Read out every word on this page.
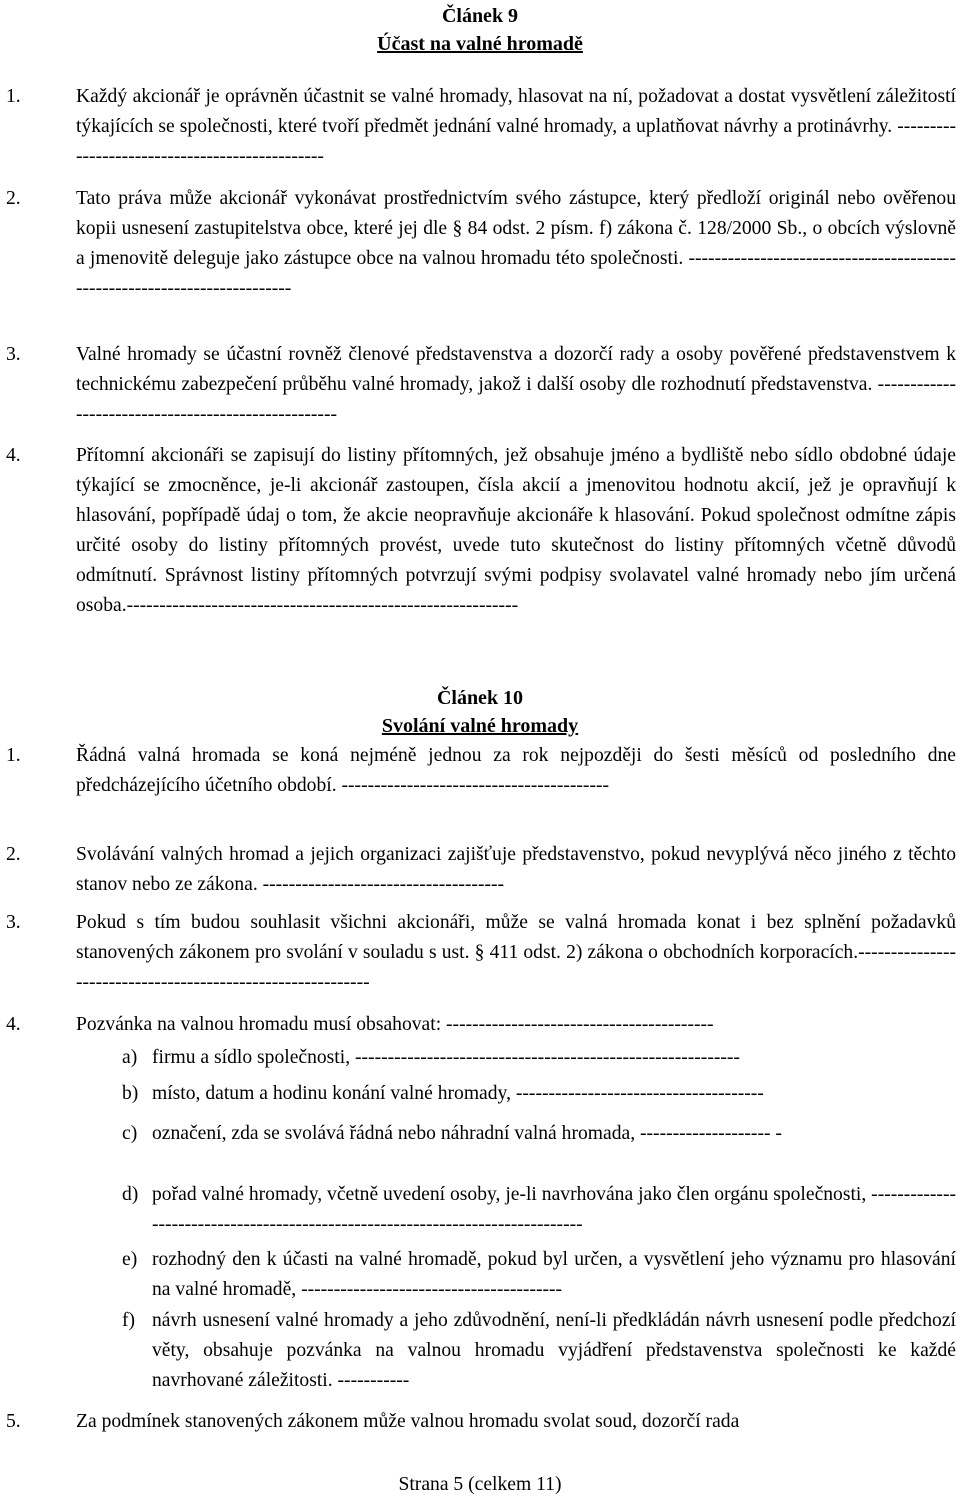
Článek 9
Účast na valné hromadě
1.	Každý akcionář je oprávněn účastnit se valné hromady, hlasovat na ní, požadovat a dostat vysvětlení záležitostí týkajících se společnosti, které tvoří předmět jednání valné hromady, a uplatňovat návrhy a protinávrhy. -----------------------------------------------
2.	Tato práva může akcionář vykonávat prostřednictvím svého zástupce, který předloží originál nebo ověřenou kopii usnesení zastupitelstva obce, které jej dle § 84 odst. 2 písm. f) zákona č. 128/2000 Sb., o obcích výslovně a jmenovitě deleguje jako zástupce obce na valnou hromadu této společnosti. --------------------------------------------------------------------------
3.	Valné hromady se účastní rovněž členové představenstva a dozorčí rady a osoby pověřené představenstvem k technickému zabezpečení průběhu valné hromady, jakož i další osoby dle rozhodnutí představenstva. ----------------------------------------------------
4.	Přítomní akcionáři se zapisují do listiny přítomných, jež obsahuje jméno a bydliště nebo sídlo obdobné údaje týkající se zmocněnce, je-li akcionář zastoupen, čísla akcií a jmenovitou hodnotu akcií, jež je opravňují k hlasování, popřípadě údaj o tom, že akcie neopravňuje akcionáře k hlasování. Pokud společnost odmítne zápis určité osoby do listiny přítomných provést, uvede tuto skutečnost do listiny přítomných včetně důvodů odmítnutí. Správnost listiny přítomných potvrzují svými podpisy svolavatel valné hromady nebo jím určená osoba.------------------------------------------------------------
Článek 10
Svolání valné hromady
1.	Řádná valná hromada se koná nejméně jednou za rok nejpozději do šesti měsíců od posledního dne předcházejícího účetního období. -----------------------------------------
2.	Svolávání valných hromad a jejich organizaci zajišťuje představenstvo, pokud nevyplývá něco jiného z těchto stanov nebo ze zákona. -------------------------------------
3.	Pokud s tím budou souhlasit všichni akcionáři, může se valná hromada konat i bez splnění požadavků stanovených zákonem pro svolání v souladu s ust. § 411 odst. 2) zákona o obchodních korporacích.------------------------------------------------------------
4.	Pozvánka na valnou hromadu musí obsahovat: -----------------------------------------
a) firmu a sídlo společnosti, -----------------------------------------------------------
b) místo, datum a hodinu konání valné hromady, --------------------------------------
c) označení, zda se svolává řádná nebo náhradní valná hromada, -------------------- -
d) pořad valné hromady, včetně uvedení osoby, je-li navrhována jako člen orgánu společnosti, -------------------------------------------------------------------------------
e) rozhodný den k účasti na valné hromadě, pokud byl určen, a vysvětlení jeho významu pro hlasování na valné hromadě, ----------------------------------------
f) návrh usnesení valné hromady a jeho zdůvodnění, není-li předkládán návrh usnesení podle předchozí věty, obsahuje pozvánka na valnou hromadu vyjádření představenstva společnosti ke každé navrhované záležitosti. -----------
5.	Za podmínek stanovených zákonem může valnou hromadu svolat soud, dozorčí rada
Strana 5 (celkem 11)
